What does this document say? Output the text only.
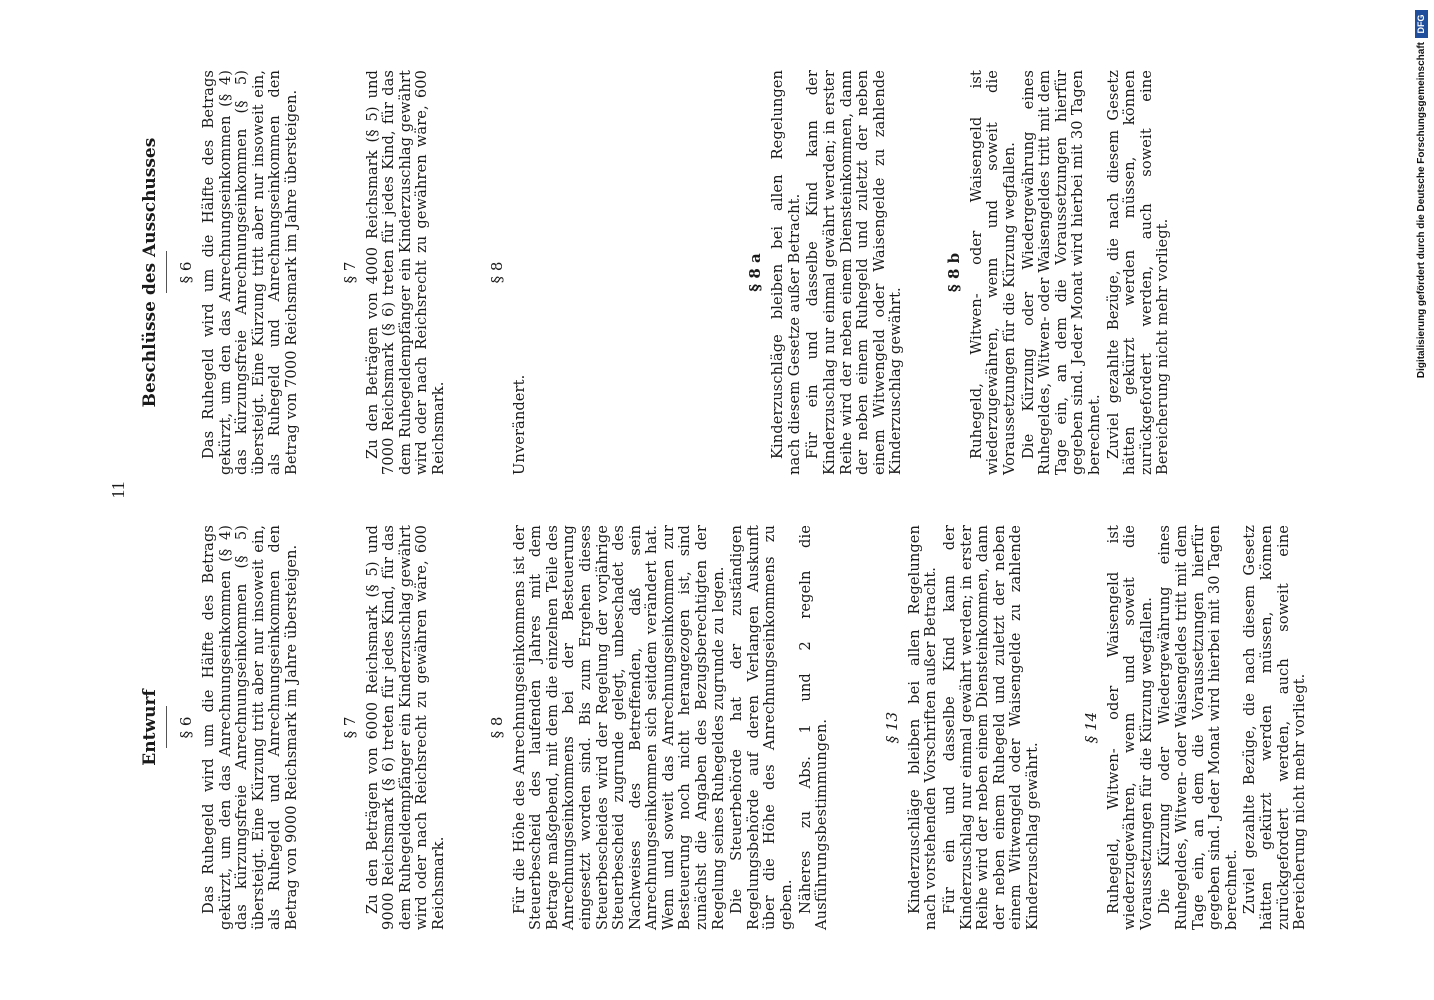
11
Entwurf § 6 Das Ruhegeld wird um die Hälfte des Betrags gekürzt, um den das Anrechnungseinkommen (§ 4) das kürzungsfreie Anrechnungseinkommen (§ 5) übersteigt. Eine Kürzung tritt aber nur insoweit ein, als Ruhegeld und Anrechnungseinkommen den Betrag von 9000 Reichsmark im Jahre übersteigen.	§ 7 Zu den Beträgen von 6000 Reichsmark (§ 5) und 9000 Reichsmark (§ 6) treten für jedes Kind, für das dem Ruhegeldempfänger ein Kinderzuschlag gewährt wird oder nach Reichsrecht zu gewähren wäre, 600 Reichsmark.
§ 8 Für die Höhe des Anrechnungseinkommens ist der Steuerbescheid des laufenden Jahres mit dem Betrage maßgebend, mit dem die einzelnen Teile des Anrechnungseinkommens bei der Besteuerung eingesetzt worden sind. Bis zum Ergehen dieses Steuerbescheides wird der Regelung der vorjährige Steuerbescheid zugrunde gelegt, unbeschadet des Nachweises des Betreffenden, daß sein Anrechnungseinkommen sich seitdem verändert hat. Wenn und soweit das Anrechnungseinkommen zur Besteuerung noch nicht herangezogen ist, sind zunächst die Angaben des Bezugsberechtigten der Regelung seines Ruhegeldes zugrunde zu legen. Die Steuerbehörde hat der zuständigen Regelungsbehörde auf deren Verlangen Auskunft über die Höhe des Anrechnungseinkommens zu geben. Näheres zu Abs. 1 und 2 regeln die Ausführungsbestimmungen.	§ 13 Kinderzuschläge bleiben bei allen Regelungen nach vorstehenden Vorschriften außer Betracht. Für ein und dasselbe Kind kann der Kinderzuschlag nur einmal gewährt werden; in erster Reihe wird der neben einem Diensteinkommen, dann der neben einem Ruhegeld und zuletzt der neben einem Witwengeld oder Waisengelde zu zahlende Kinderzuschlag gewährt.
§ 14 Ruhegeld, Witwen- oder Waisengeld ist wiederzugewähren, wenn und soweit die Voraussetzungen für die Kürzung wegfallen. Die Kürzung oder Wiedergewährung eines Ruhegeldes, Witwen- oder Waisengeldes tritt mit dem Tage ein, an dem die Voraussetzungen hierfür gegeben sind. Jeder Monat wird hierbei mit 30 Tagen berechnet. Zuviel gezahlte Bezüge, die nach diesem Gesetz hätten gekürzt werden müssen, können zurückgefordert werden, auch soweit eine Bereicherung nicht mehr vorliegt.
Beschlüsse des Ausschusses § 6 Das Ruhegeld wird um die Hälfte des Betrags gekürzt, um den das Anrechnungseinkommen (§ 4) das kürzungsfreie Anrechnungseinkommen (§ 5) übersteigt. Eine Kürzung tritt aber nur insoweit ein, als Ruhegeld und Anrechnungseinkommen den Betrag von 7000 Reichsmark im Jahre übersteigen.	§ 7 Zu den Beträgen von 4000 Reichsmark (§ 5) und 7000 Reichsmark (§ 6) treten für jedes Kind, für das dem Ruhegeldempfänger ein Kinderzuschlag gewährt wird oder nach Reichsrecht zu gewähren wäre, 600 Reichsmark.
§ 8
Unverändert.
§ 8 a Kinderzuschläge bleiben bei allen Regelungen nach diesem Gesetze außer Betracht. Für ein und dasselbe Kind kann der Kinderzuschlag nur einmal gewährt werden; in erster Reihe wird der neben einem Diensteinkommen, dann der neben einem Ruhegeld und zuletzt der neben einem Witwengeld oder Waisengelde zu zahlende Kinderzuschlag gewährt.
§ 8 b Ruhegeld, Witwen- oder Waisengeld ist wiederzugewähren, wenn und soweit die Voraussetzungen für die Kürzung wegfallen. Die Kürzung oder Wiedergewährung eines Ruhegeldes, Witwen- oder Waisengeldes tritt mit dem Tage ein, an dem die Voraussetzungen hierfür gegeben sind. Jeder Monat wird hierbei mit 30 Tagen berechnet. Zuviel gezahlte Bezüge, die nach diesem Gesetz hätten gekürzt werden müssen, können zurückgefordert werden, auch soweit eine Bereicherung nicht mehr vorliegt.	Digitalisierung gefördert durch die Deutsche Forschungsgemeinschaft
DFG
